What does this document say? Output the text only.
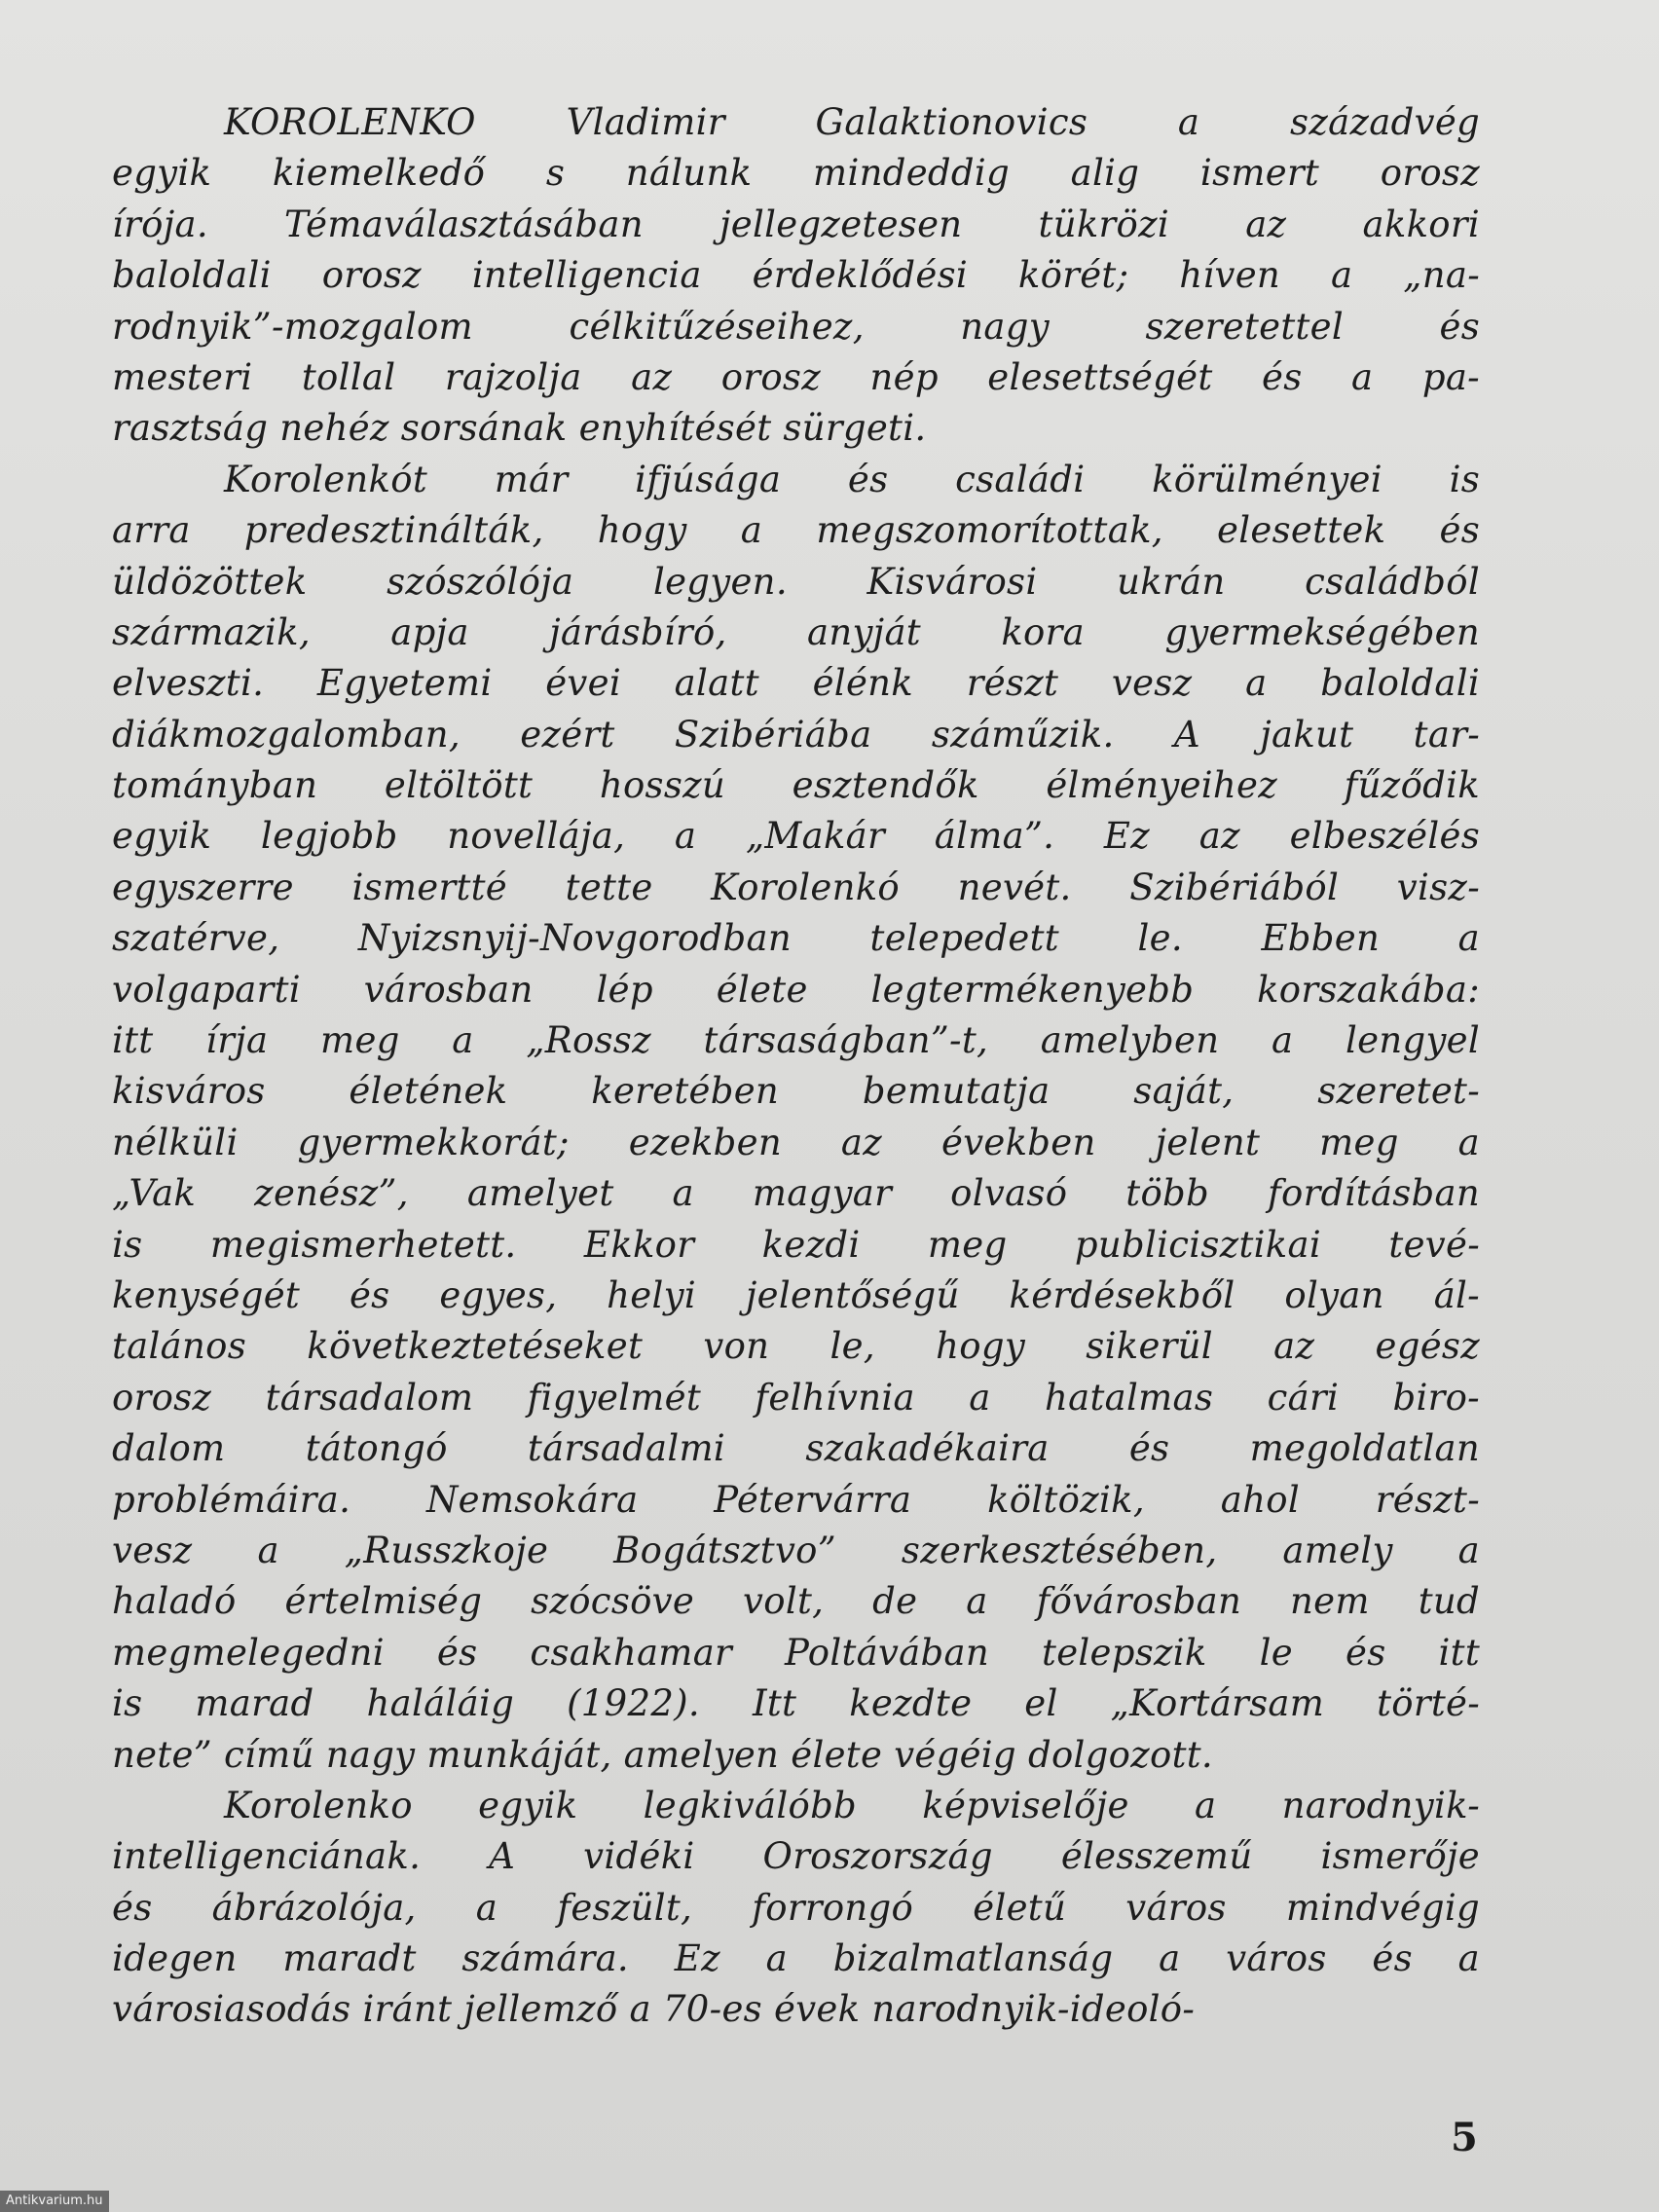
KOROLENKO Vladimir Galaktionovics a századvég
egyik kiemelkedő s nálunk mindeddig alig ismert orosz
írója. Témaválasztásában jellegzetesen tükrözi az akkori
baloldali orosz intelligencia érdeklődési körét; híven a „na-
rodnyik”-mozgalom célkitűzéseihez, nagy szeretettel és
mesteri tollal rajzolja az orosz nép elesettségét és a pa-
rasztság nehéz sorsának enyhítését sürgeti.
Korolenkót már ifjúsága és családi körülményei is
arra predesztinálták, hogy a megszomorítottak, elesettek és
üldözöttek szószólója legyen. Kisvárosi ukrán családból
származik, apja járásbíró, anyját kora gyermekségében
elveszti. Egyetemi évei alatt élénk részt vesz a baloldali
diákmozgalomban, ezért Szibériába száműzik. A jakut tar-
tományban eltöltött hosszú esztendők élményeihez fűződik
egyik legjobb novellája, a „Makár álma”. Ez az elbeszélés
egyszerre ismertté tette Korolenkó nevét. Szibériából visz-
szatérve, Nyizsnyij-Novgorodban telepedett le. Ebben a
volgaparti városban lép élete legtermékenyebb korszakába:
itt írja meg a „Rossz társaságban”-t, amelyben a lengyel
kisváros életének keretében bemutatja saját, szeretet-
nélküli gyermekkorát; ezekben az években jelent meg a
„Vak zenész”, amelyet a magyar olvasó több fordításban
is megismerhetett. Ekkor kezdi meg publicisztikai tevé-
kenységét és egyes, helyi jelentőségű kérdésekből olyan ál-
talános következtetéseket von le, hogy sikerül az egész
orosz társadalom figyelmét felhívnia a hatalmas cári biro-
dalom tátongó társadalmi szakadékaira és megoldatlan
problémáira. Nemsokára Pétervárra költözik, ahol részt-
vesz a „Russzkoje Bogátsztvo” szerkesztésében, amely a
haladó értelmiség szócsöve volt, de a fővárosban nem tud
megmelegedni és csakhamar Poltávában telepszik le és itt
is marad haláláig (1922). Itt kezdte el „Kortársam törté-
nete” című nagy munkáját, amelyen élete végéig dolgozott.
Korolenko egyik legkiválóbb képviselője a narodnyik-
intelligenciának. A vidéki Oroszország élesszemű ismerője
és ábrázolója, a feszült, forrongó életű város mindvégig
idegen maradt számára. Ez a bizalmatlanság a város és a
városiasodás iránt jellemző a 70-es évek narodnyik-ideoló-
5
Antikvarium.hu
